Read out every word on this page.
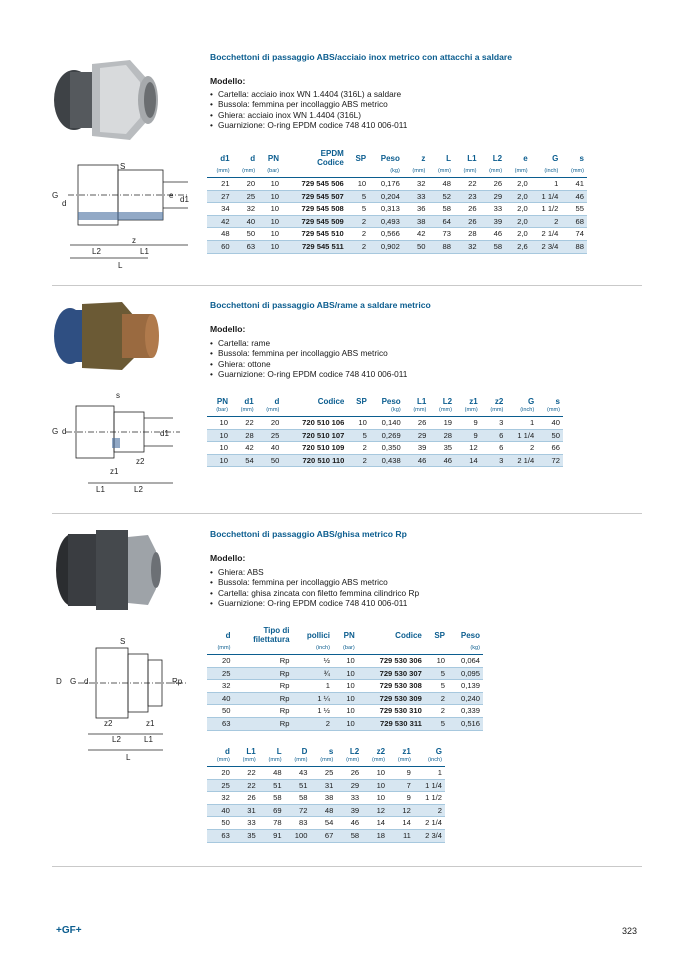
S
G
d
e d1
z
L2	L1
L
Bocchettoni di passaggio ABS/acciaio inox metrico con attacchi a saldare
Modello:
• Cartella: acciaio inox WN 1.4404 (316L) a saldare
• Bussola: femmina per incollaggio ABS metrico
• Ghiera: acciaio inox WN 1.4404 (316L)
• Guarnizione: O-ring EPDM codice 748 410 006-011
d1	d	PN	EPDM
Codice	SP	Peso	z	L	L1	L2	e	G	s
(mm)	(mm)	(bar)			(kg)	(mm)	(mm)	(mm)	(mm)	(mm)	(inch)	(mm)
21	20	10	729 545 506	10	0,176	32	48	22	26	2,0	1	41
27	25	10	729 545 507	5	0,204	33	52	23	29	2,0	1 1/4	46
34	32	10	729 545 508	5	0,313	36	58	26	33	2,0	1 1/2	55
42	40	10	729 545 509	2	0,493	38	64	26	39	2,0	2	68
48	50	10	729 545 510	2	0,566	42	73	28	46	2,0	2 1/4	74
60	63	10	729 545 511	2	0,902	50	88	32	58	2,6	2 3/4	88
s
G d	d1
z2
z1
L1	L2
Bocchettoni di passaggio ABS/rame a saldare metrico
Modello:
• Cartella: rame
• Bussola: femmina per incollaggio ABS metrico
• Ghiera: ottone
• Guarnizione: O-ring EPDM codice 748 410 006-011
PN	d1	d	Codice	SP	Peso	L1	L2	z1	z2	G	s
(bar)	(mm)	(mm)			(kg)	(mm)	(mm)	(mm)	(mm)	(inch)	(mm)
10	22	20	720 510 106	10	0,140	26	19	9	3	1	40
10	28	25	720 510 107	5	0,269	29	28	9	6	1 1/4	50
10	42	40	720 510 109	2	0,350	39	35	12	6	2	66
10	54	50	720 510 110	2	0,438	46	46	14	3	2 1/4	72
S
D G d	Rp
z2	z1
L2	L1
L
Bocchettoni di passaggio ABS/ghisa metrico Rp
Modello:
• Ghiera: ABS
• Bussola: femmina per incollaggio ABS metrico
• Cartella: ghisa zincata con filetto femmina cilindrico Rp
• Guarnizione: O-ring EPDM codice 748 410 006-011
d	Tipo di
filettatura	pollici	PN	Codice	SP	Peso
(mm)		(inch)	(bar)			(kg)
20	Rp	½	10	729 530 306	10	0,064
25	Rp	¾	10	729 530 307	5	0,095
32	Rp	1	10	729 530 308	5	0,139
40	Rp	1 ¼	10	729 530 309	2	0,240
50	Rp	1 ½	10	729 530 310	2	0,339
63	Rp	2	10	729 530 311	5	0,516
d	L1	L	D	s	L2	z2	z1	G
(mm)	(mm)	(mm)	(mm)	(mm)	(mm)	(mm)	(mm)	(inch)
20	22	48	43	25	26	10	9	1
25	22	51	51	31	29	10	7	1 1/4
32	26	58	58	38	33	10	9	1 1/2
40	31	69	72	48	39	12	12	2
50	33	78	83	54	46	14	14	2 1/4
63	35	91	100	67	58	18	11	2 3/4
+GF+	323
